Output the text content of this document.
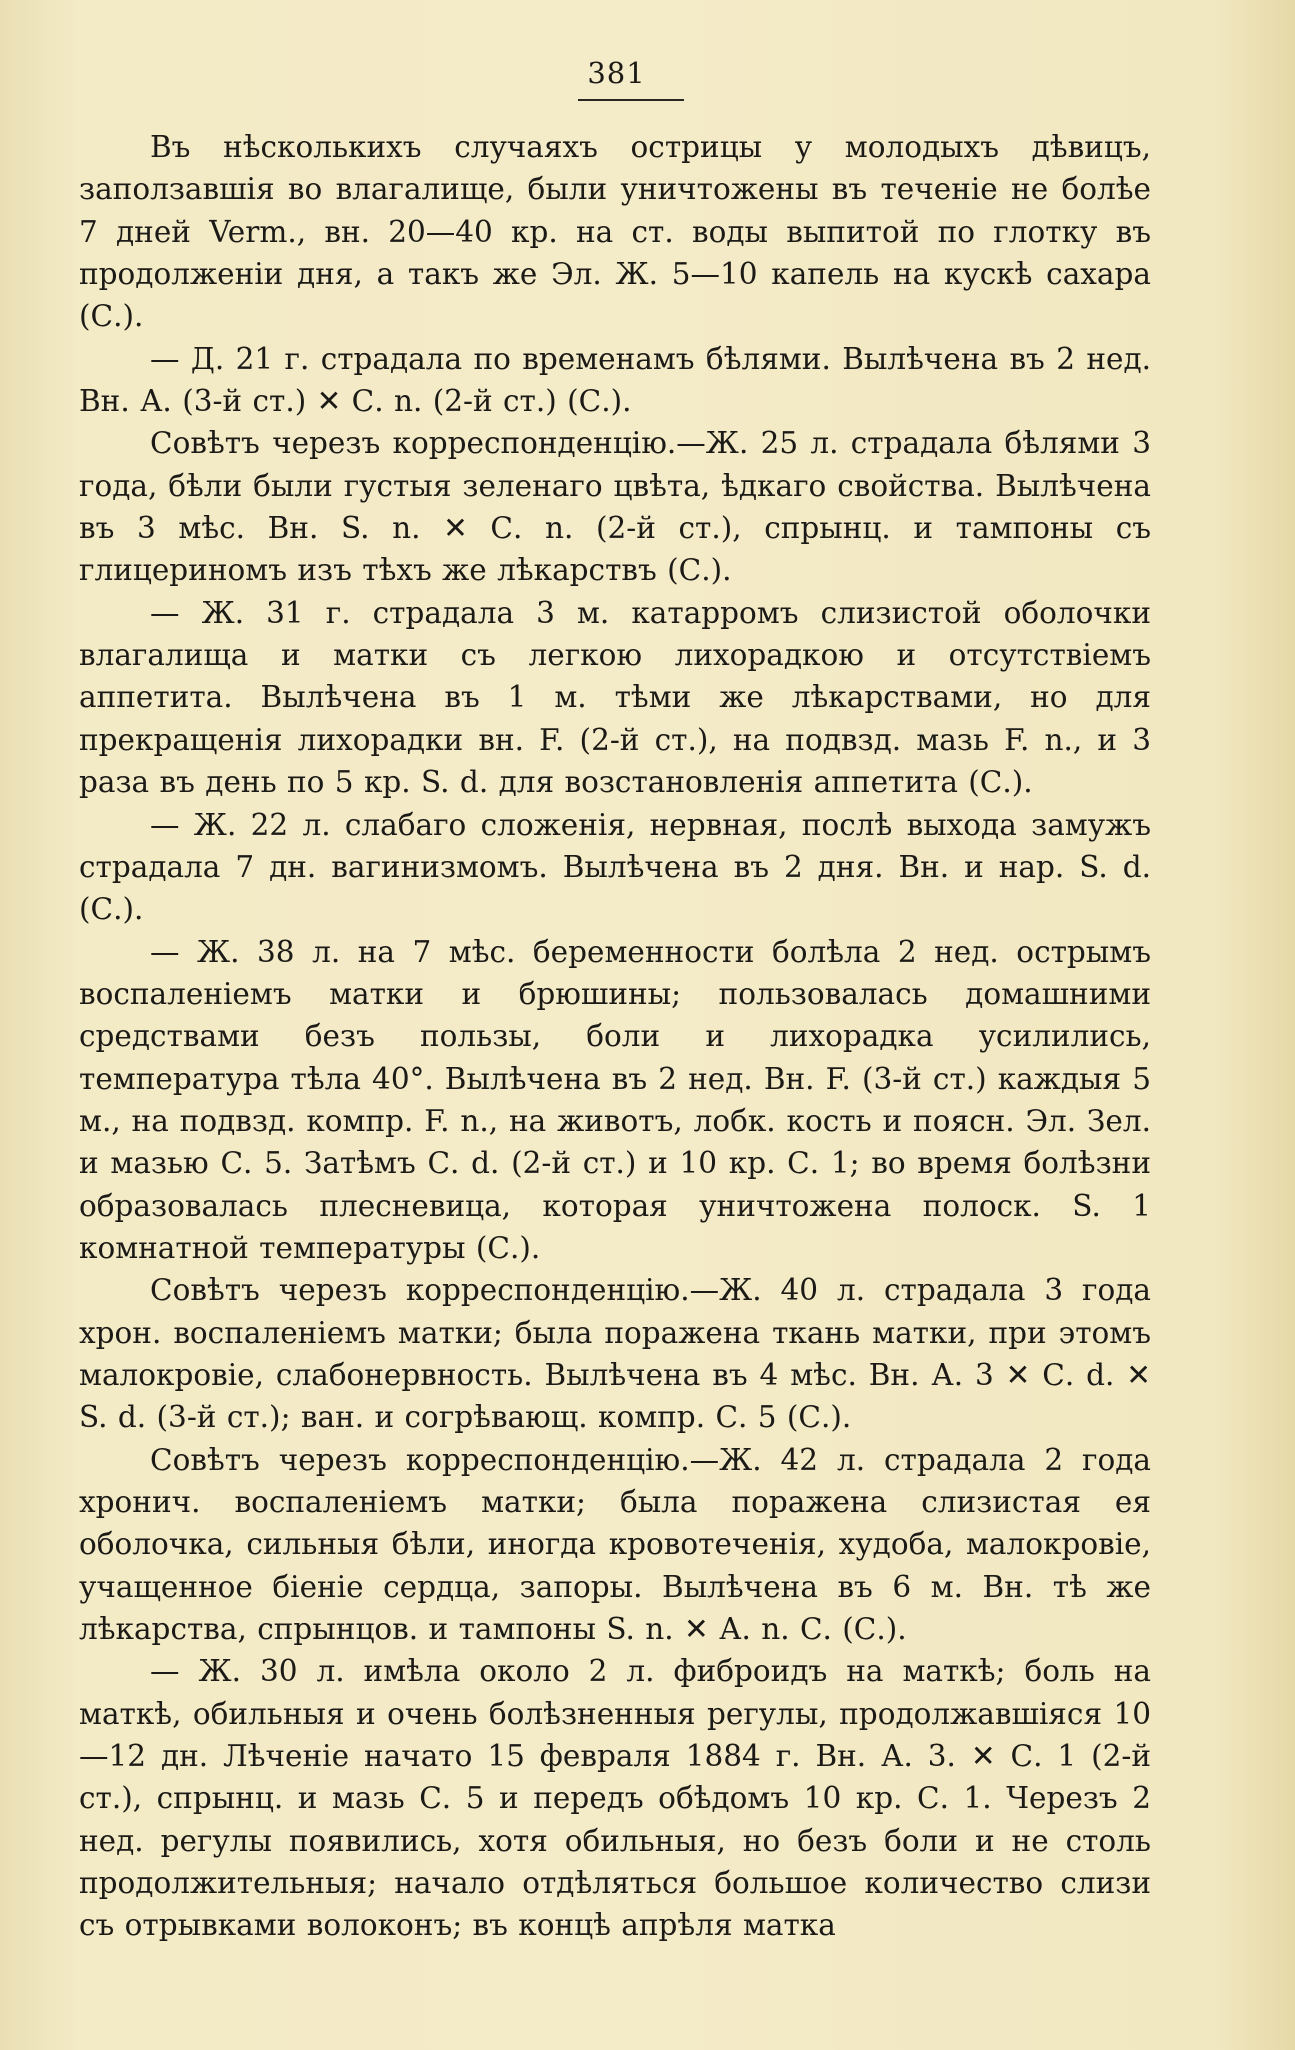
381

Въ нѣсколькихъ случаяхъ острицы у молодыхъ дѣвицъ, заползавшія во влагалище, были уничтожены въ теченіе не болѣе 7 дней Verm., вн. 20—40 кр. на ст. воды выпитой по глотку въ продолженіи дня, а такъ же Эл. Ж. 5—10 капель на кускѣ сахара (С.).

— Д. 21 г. страдала по временамъ бѣлями. Вылѣчена въ 2 нед. Вн. А. (3-й ст.) ✕ С. n. (2-й ст.) (С.).

Совѣтъ черезъ корреспонденцію.—Ж. 25 л. страдала бѣлями 3 года, бѣли были густыя зеленаго цвѣта, ѣдкаго свойства. Вылѣчена въ 3 мѣс. Вн. S. n. ✕ С. n. (2-й ст.), спрынц. и тампоны съ глицериномъ изъ тѣхъ же лѣкарствъ (С.).

— Ж. 31 г. страдала 3 м. катарромъ слизистой оболочки влагалища и матки съ легкою лихорадкою и отсутствіемъ аппетита. Вылѣчена въ 1 м. тѣми же лѣкарствами, но для прекращенія лихорадки вн. F. (2-й ст.), на подвзд. мазь F. n., и 3 раза въ день по 5 кр. S. d. для возстановленія аппетита (С.).

— Ж. 22 л. слабаго сложенія, нервная, послѣ выхода замужъ страдала 7 дн. вагинизмомъ. Вылѣчена въ 2 дня. Вн. и нар. S. d. (С.).

— Ж. 38 л. на 7 мѣс. беременности болѣла 2 нед. острымъ воспаленіемъ матки и брюшины; пользовалась домашними средствами безъ пользы, боли и лихорадка усилились, температура тѣла 40°. Вылѣчена въ 2 нед. Вн. F. (3-й ст.) каждыя 5 м., на подвзд. компр. F. n., на животъ, лобк. кость и поясн. Эл. Зел. и мазью С. 5. Затѣмъ С. d. (2-й ст.) и 10 кр. С. 1; во время болѣзни образовалась плесневица, которая уничтожена полоск. S. 1 комнатной температуры (С.).

Совѣтъ черезъ корреспонденцію.—Ж. 40 л. страдала 3 года хрон. воспаленіемъ матки; была поражена ткань матки, при этомъ малокровіе, слабонервность. Вылѣчена въ 4 мѣс. Вн. А. 3 ✕ С. d. ✕ S. d. (3-й ст.); ван. и согрѣвающ. компр. С. 5 (С.).

Совѣтъ черезъ корреспонденцію.—Ж. 42 л. страдала 2 года хронич. воспаленіемъ матки; была поражена слизистая ея оболочка, сильныя бѣли, иногда кровотеченія, худоба, малокровіе, учащенное біеніе сердца, запоры. Вылѣчена въ 6 м. Вн. тѣ же лѣкарства, спрынцов. и тампоны S. n. ✕ А. n. С. (С.).

— Ж. 30 л. имѣла около 2 л. фиброидъ на маткѣ; боль на маткѣ, обильныя и очень болѣзненныя регулы, продолжавшіяся 10—12 дн. Лѣченіе начато 15 февраля 1884 г. Вн. А. 3. ✕ С. 1 (2-й ст.), спрынц. и мазь С. 5 и передъ обѣдомъ 10 кр. С. 1. Черезъ 2 нед. регулы появились, хотя обильныя, но безъ боли и не столь продолжительныя; начало отдѣляться большое количество слизи съ отрывками волоконъ; въ концѣ апрѣля матка
